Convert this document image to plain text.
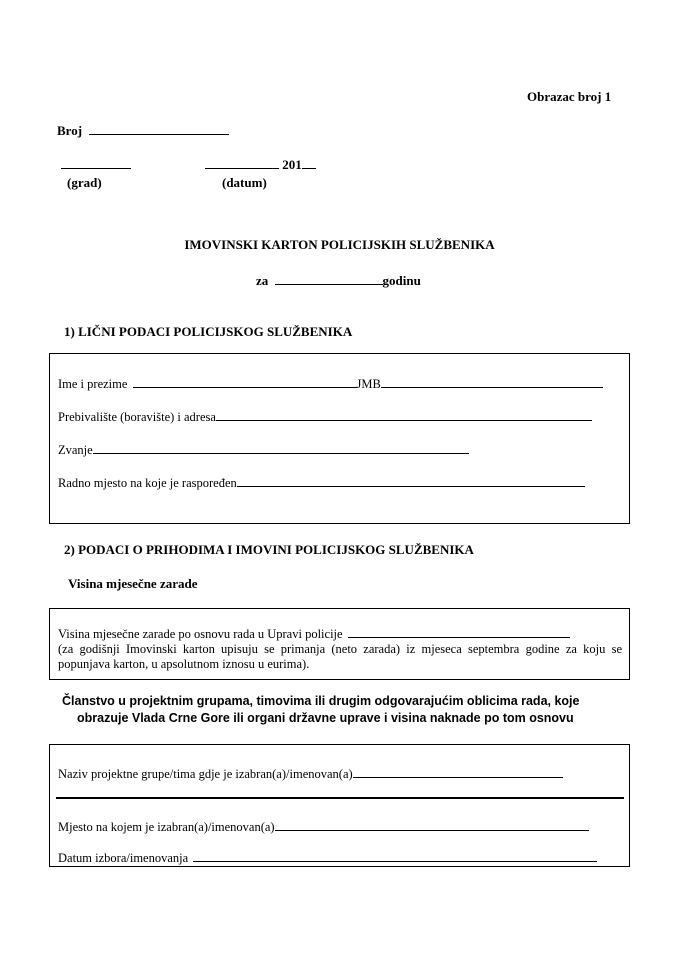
Obrazac broj 1
Broj
(grad)
201
(datum)
IMOVINSKI KARTON POLICIJSKIH SLUŽBENIKA
za	godinu
1) LIČNI PODACI POLICIJSKOG SLUŽBENIKA
Ime i prezime	JMB
Prebivalište (boravište) i adresa
Zvanje
Radno mjesto na koje je raspoređen
2) PODACI O PRIHODIMA I IMOVINI POLICIJSKOG SLUŽBENIKA
Visina mjesečne zarade
Visina mjesečne zarade po osnovu rada u Upravi policije
(za godišnji Imovinski karton upisuju se primanja (neto zarada) iz mjeseca septembra godine za koju se popunjava karton, u apsolutnom iznosu u eurima).
Članstvo u projektnim grupama, timovima ili drugim odgovarajućim oblicima rada, koje
obrazuje Vlada Crne Gore ili organi državne uprave i visina naknade po tom osnovu
Naziv projektne grupe/tima gdje je izabran(a)/imenovan(a)
Mjesto na kojem je izabran(a)/imenovan(a)
Datum izbora/imenovanja
